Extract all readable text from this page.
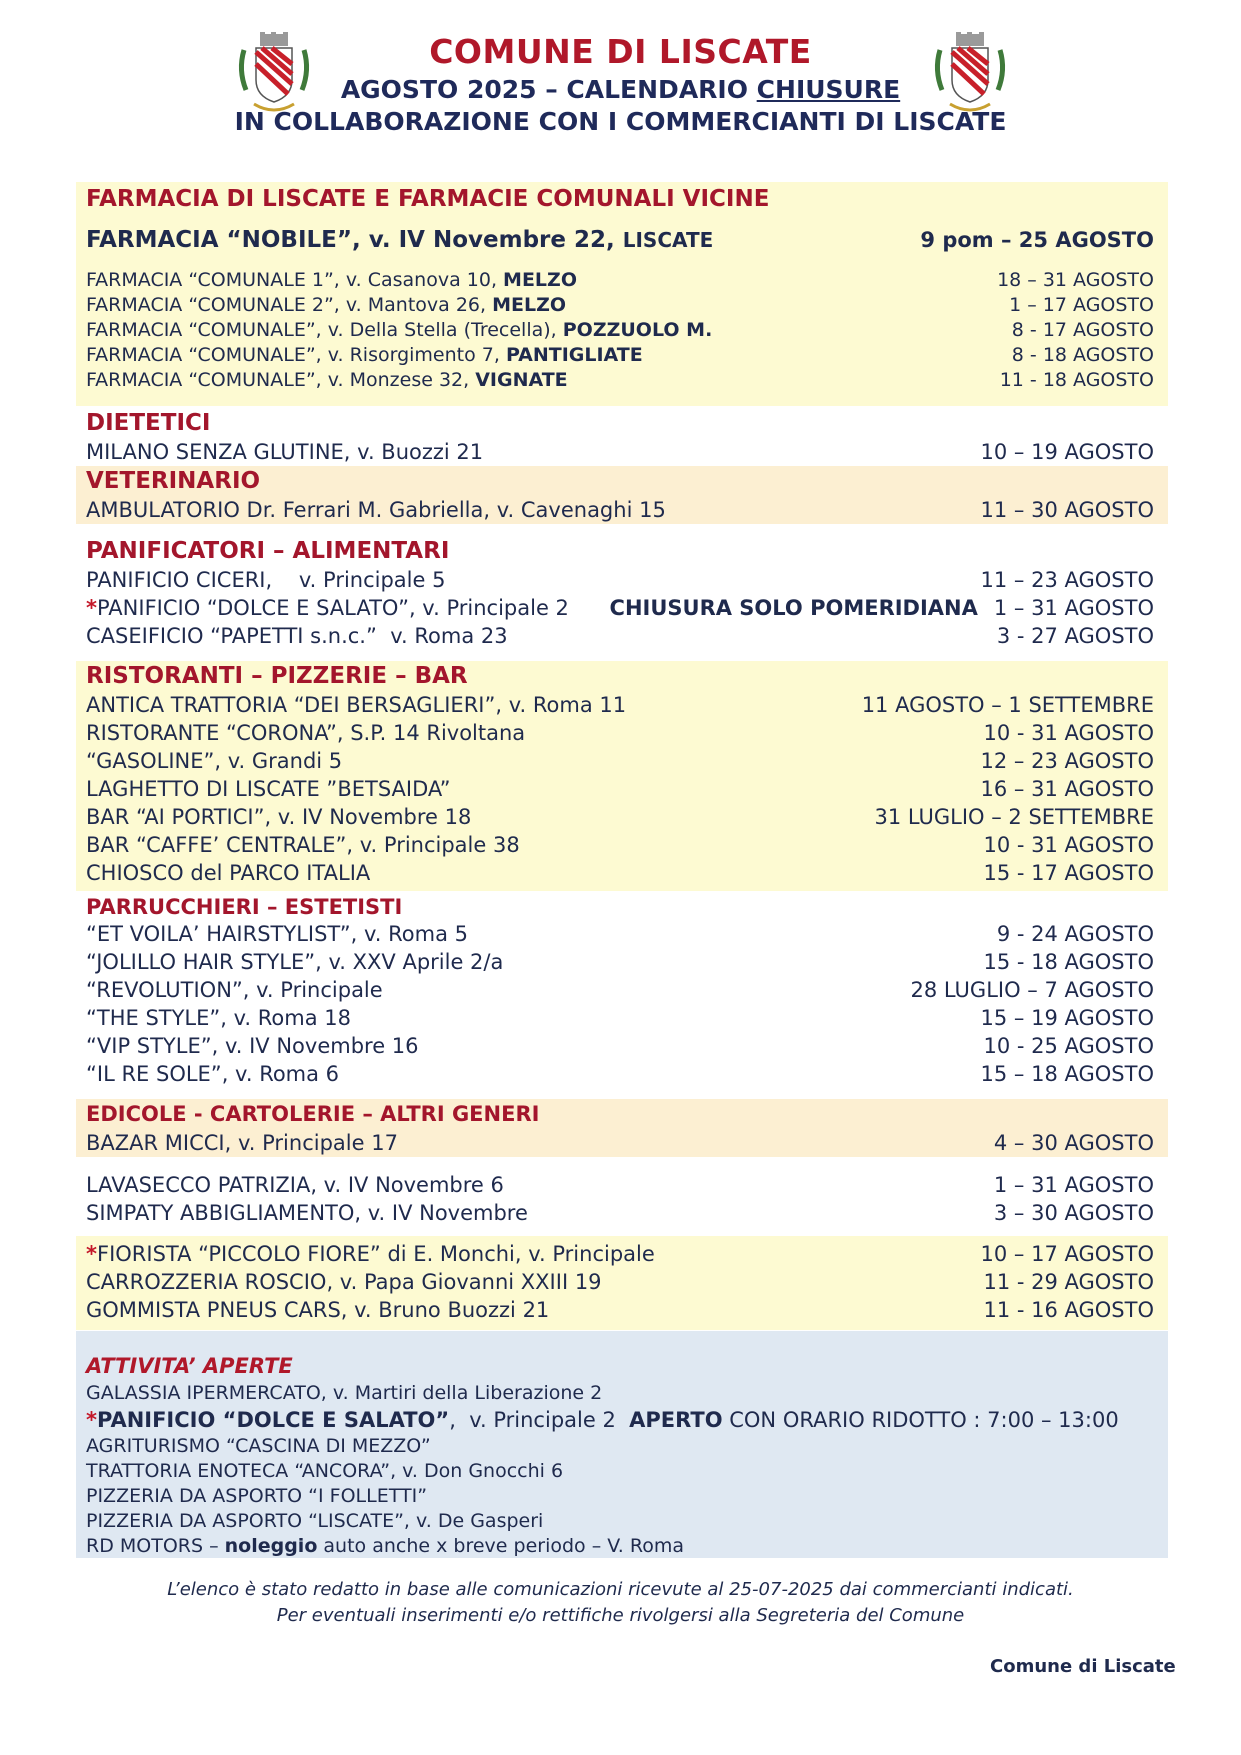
COMUNE DI LISCATE
AGOSTO 2025 – CALENDARIO CHIUSURE
IN COLLABORAZIONE CON I COMMERCIANTI DI LISCATE
FARMACIA DI LISCATE E FARMACIE COMUNALI VICINE
FARMACIA “NOBILE”, v. IV Novembre 22, LISCATE	9 pom – 25 AGOSTO
FARMACIA “COMUNALE 1”, v. Casanova 10, MELZO	18 – 31 AGOSTO
FARMACIA “COMUNALE 2”, v. Mantova 26, MELZO	1 – 17 AGOSTO
FARMACIA “COMUNALE”, v. Della Stella (Trecella), POZZUOLO M.	8 - 17 AGOSTO
FARMACIA “COMUNALE”, v. Risorgimento 7, PANTIGLIATE	8 - 18 AGOSTO
FARMACIA “COMUNALE”, v. Monzese 32, VIGNATE	11 - 18 AGOSTO
DIETETICI
MILANO SENZA GLUTINE, v. Buozzi 21	10 – 19 AGOSTO
VETERINARIO
AMBULATORIO Dr. Ferrari M. Gabriella, v. Cavenaghi 15	11 – 30 AGOSTO
PANIFICATORI – ALIMENTARI
PANIFICIO CICERI,    v. Principale 5	11 – 23 AGOSTO
*PANIFICIO “DOLCE E SALATO”, v. Principale 2 CHIUSURA SOLO POMERIDIANA 1 – 31 AGOSTO
CASEIFICIO “PAPETTI s.n.c.”  v. Roma 23	3 - 27 AGOSTO
RISTORANTI – PIZZERIE – BAR
ANTICA TRATTORIA “DEI BERSAGLIERI”, v. Roma 11	11 AGOSTO – 1 SETTEMBRE
RISTORANTE “CORONA”, S.P. 14 Rivoltana	10 - 31 AGOSTO
“GASOLINE”, v. Grandi 5	12 – 23 AGOSTO
LAGHETTO DI LISCATE ”BETSAIDA”	16 – 31 AGOSTO
BAR “AI PORTICI”, v. IV Novembre 18	31 LUGLIO – 2 SETTEMBRE
BAR “CAFFE’ CENTRALE”, v. Principale 38	10 - 31 AGOSTO
CHIOSCO del PARCO ITALIA	15 - 17 AGOSTO
PARRUCCHIERI – ESTETISTI
“ET VOILA’ HAIRSTYLIST”, v. Roma 5	9 - 24 AGOSTO
“JOLILLO HAIR STYLE”, v. XXV Aprile 2/a	15 - 18 AGOSTO
“REVOLUTION”, v. Principale	28 LUGLIO – 7 AGOSTO
“THE STYLE”, v. Roma 18	15 – 19 AGOSTO
“VIP STYLE”, v. IV Novembre 16	10 - 25 AGOSTO
“IL RE SOLE”, v. Roma 6	15 – 18 AGOSTO
EDICOLE - CARTOLERIE – ALTRI GENERI
BAZAR MICCI, v. Principale 17	4 – 30 AGOSTO
LAVASECCO PATRIZIA, v. IV Novembre 6	1 – 31 AGOSTO
SIMPATY ABBIGLIAMENTO, v. IV Novembre	3 – 30 AGOSTO
*FIORISTA “PICCOLO FIORE” di E. Monchi, v. Principale	10 – 17 AGOSTO
CARROZZERIA ROSCIO, v. Papa Giovanni XXIII 19	11 - 29 AGOSTO
GOMMISTA PNEUS CARS, v. Bruno Buozzi 21	11 - 16 AGOSTO
ATTIVITA’ APERTE
GALASSIA IPERMERCATO, v. Martiri della Liberazione 2
*PANIFICIO “DOLCE E SALATO”,  v. Principale 2  APERTO CON ORARIO RIDOTTO : 7:00 – 13:00
AGRITURISMO “CASCINA DI MEZZO”
TRATTORIA ENOTECA “ANCORA”, v. Don Gnocchi 6
PIZZERIA DA ASPORTO “I FOLLETTI”
PIZZERIA DA ASPORTO “LISCATE”, v. De Gasperi
RD MOTORS – noleggio auto anche x breve periodo – V. Roma
L’elenco è stato redatto in base alle comunicazioni ricevute al 25-07-2025 dai commercianti indicati.
Per eventuali inserimenti e/o rettifiche rivolgersi alla Segreteria del Comune
Comune di Liscate
